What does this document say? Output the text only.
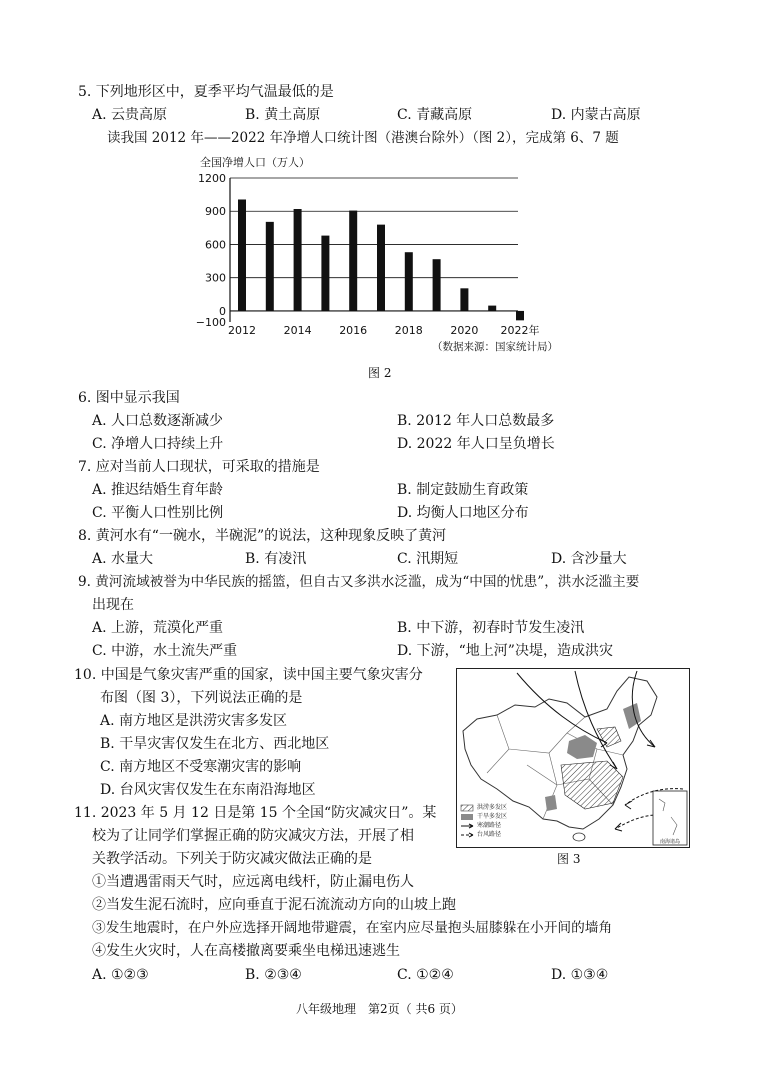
5. 下列地形区中，夏季平均气温最低的是
A. 云贵高原	B. 黄土高原	C. 青藏高原	D. 内蒙古高原
读我国 2012 年——2022 年净增人口统计图（港澳台除外）（图 2），完成第 6、7 题
全国净增人口（万人）
1200
900
600
300
0
−100
2012	2014	2016	2018	2020 2022年
（数据来源：国家统计局）
图 2
6. 图中显示我国
A. 人口总数逐渐减少	B. 2012 年人口总数最多
C. 净增人口持续上升	D. 2022 年人口呈负增长
7. 应对当前人口现状，可采取的措施是
A. 推迟结婚生育年龄	B. 制定鼓励生育政策
C. 平衡人口性别比例	D. 均衡人口地区分布
8. 黄河水有“一碗水，半碗泥”的说法，这种现象反映了黄河
A. 水量大	B. 有凌汛	C. 汛期短	D. 含沙量大
9. 黄河流域被誉为中华民族的摇篮，但自古又多洪水泛滥，成为“中国的忧患”，洪水泛滥主要
出现在
A. 上游，荒漠化严重	B. 中下游，初春时节发生凌汛
C. 中游，水土流失严重	D. 下游，“地上河”决堤，造成洪灾
10. 中国是气象灾害严重的国家，读中国主要气象灾害分
布图（图 3），下列说法正确的是
A. 南方地区是洪涝灾害多发区
B. 干旱灾害仅发生在北方、西北地区
C. 南方地区不受寒潮灾害的影响
D. 台风灾害仅发生在东南沿海地区
南海诸岛
洪涝多发区
干旱多发区
寒潮路径
台风路径
图 3
11. 2023 年 5 月 12 日是第 15 个全国“防灾减灾日”。某
校为了让同学们掌握正确的防灾减灾方法，开展了相
关教学活动。下列关于防灾减灾做法正确的是
①当遭遇雷雨天气时，应远离电线杆，防止漏电伤人
②当发生泥石流时，应向垂直于泥石流流动方向的山坡上跑
③发生地震时，在户外应选择开阔地带避震，在室内应尽量抱头屈膝躲在小开间的墙角
④发生火灾时，人在高楼撤离要乘坐电梯迅速逃生
A. ①②③	B. ②③④	C. ①②④	D. ①③④
八年级地理　第2页（ 共6 页）
